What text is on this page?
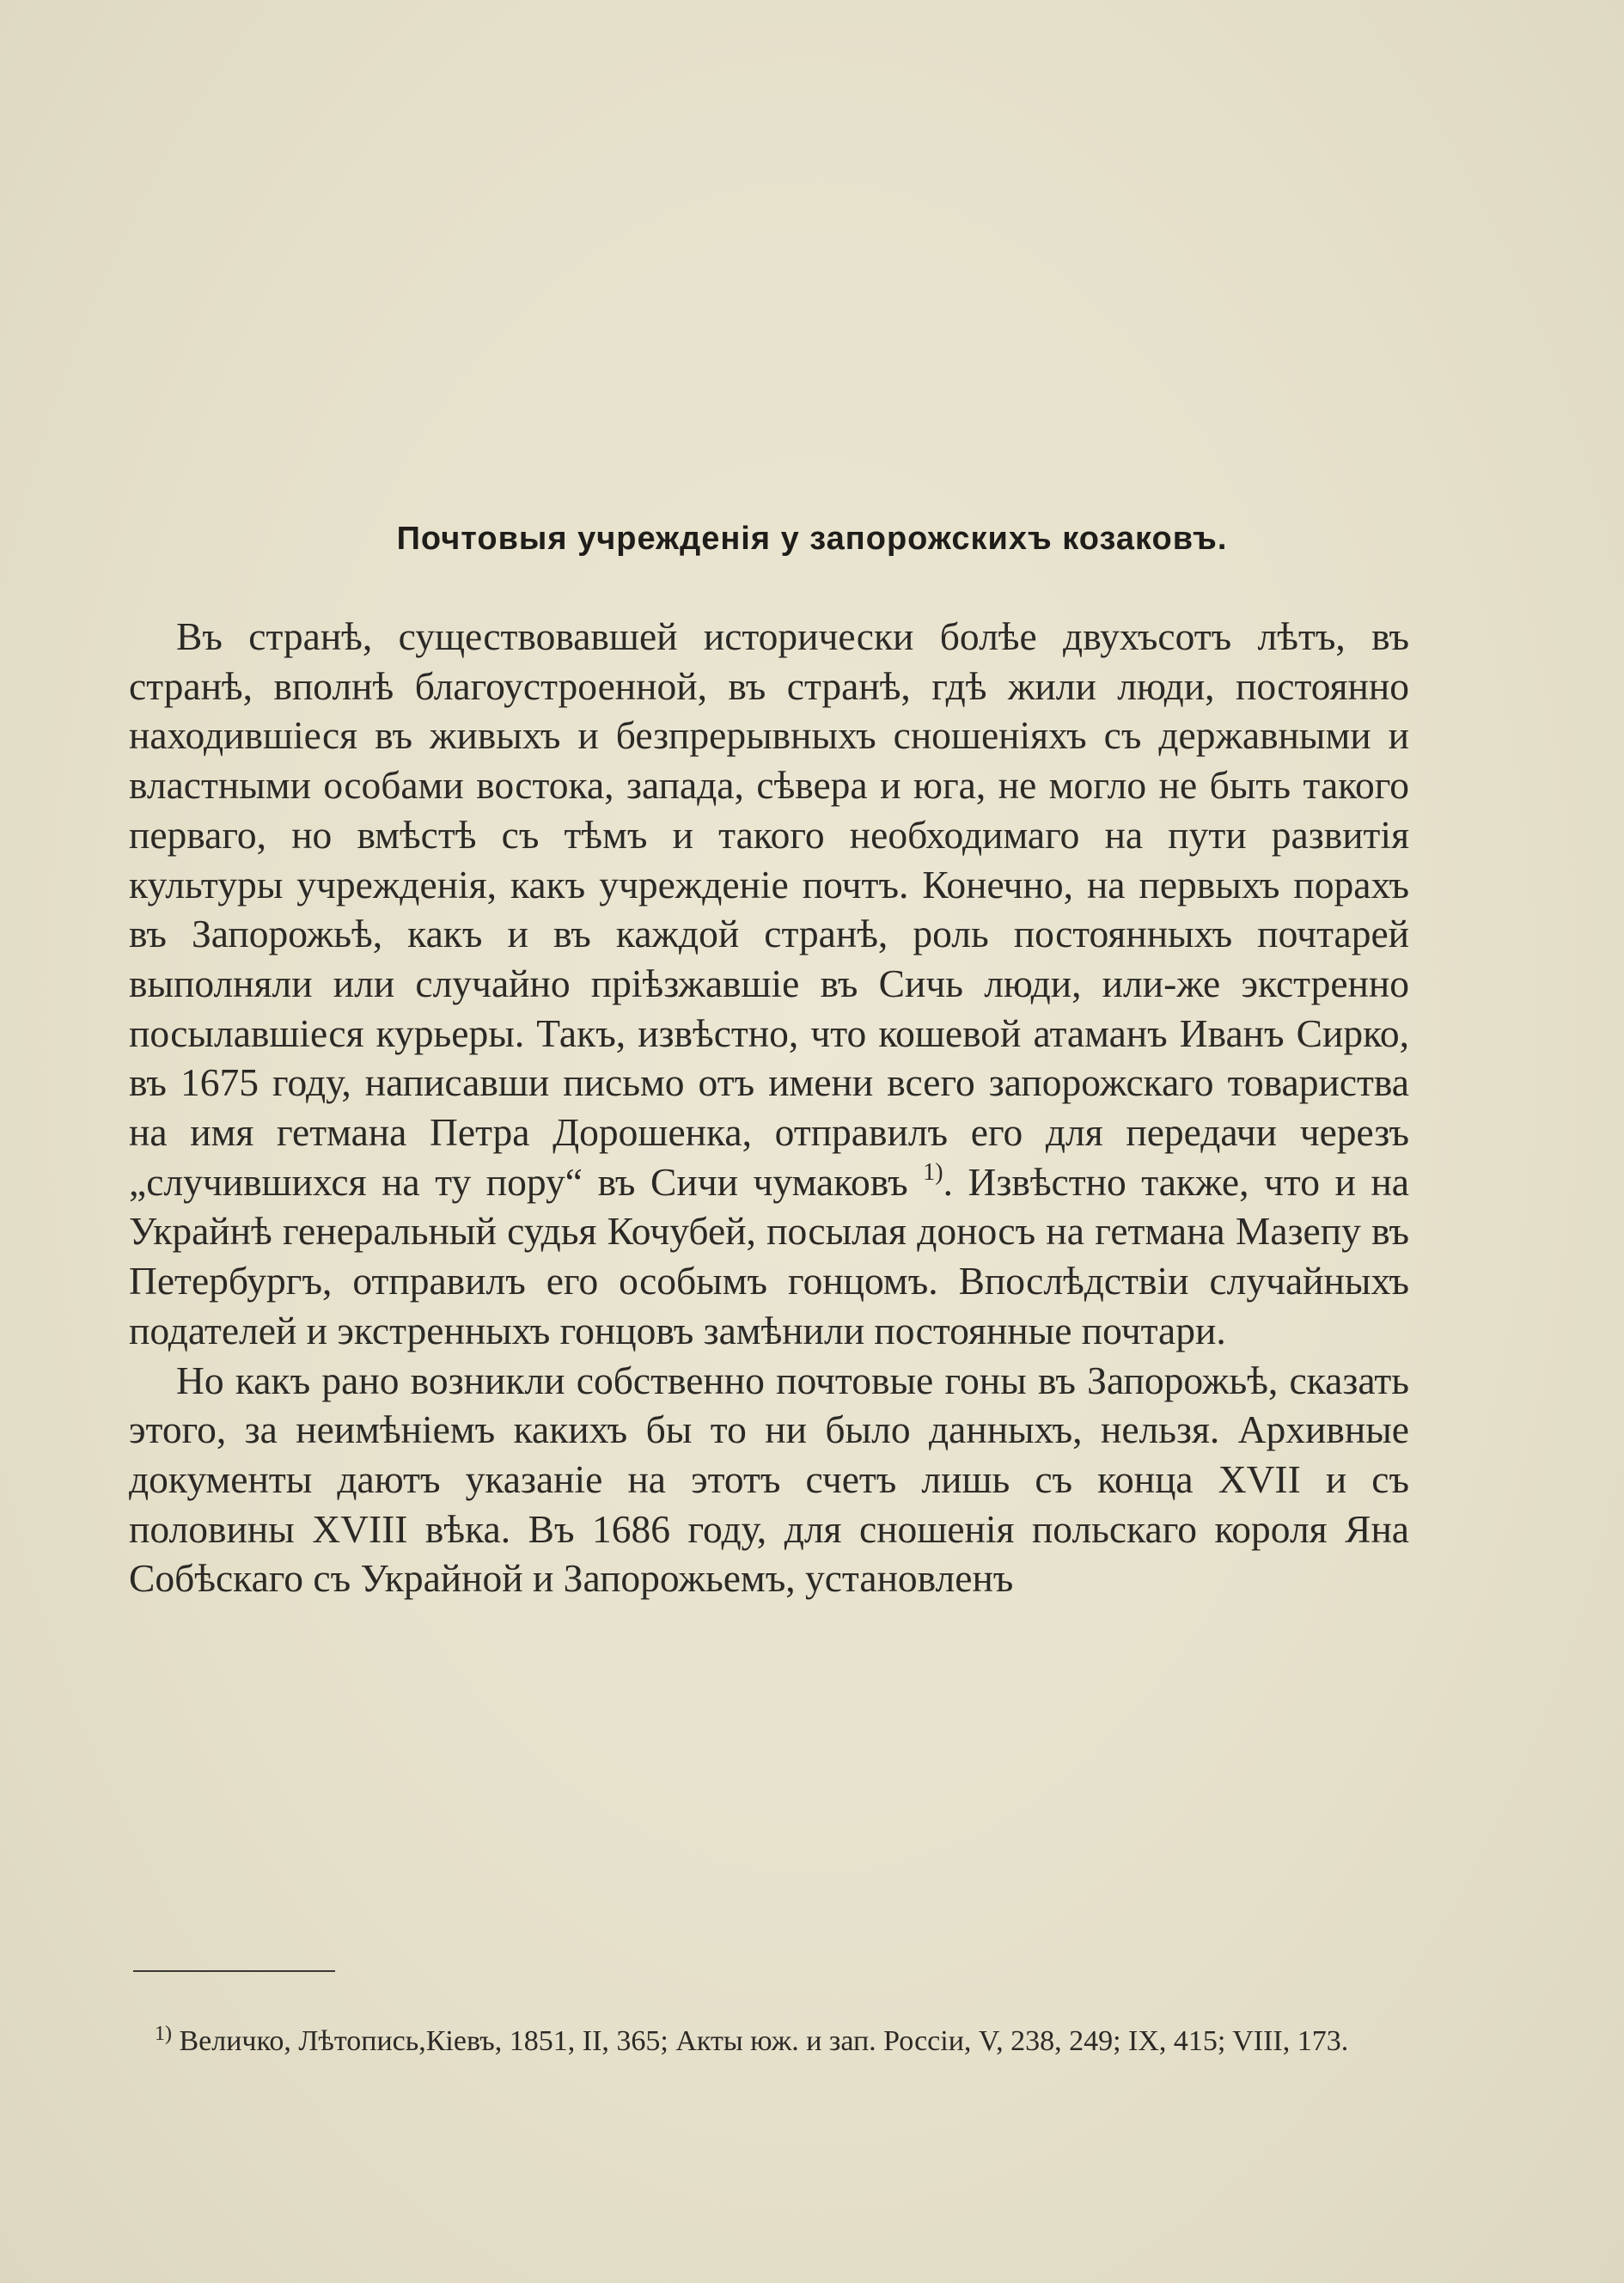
Почтовыя учрежденія у запорожскихъ козаковъ.

Въ странѣ, существовавшей исторически болѣе двухъсотъ лѣтъ, въ странѣ, вполнѣ благоустроенной, въ странѣ, гдѣ жили люди, постоянно находившіеся въ живыхъ и безпрерывныхъ сношеніяхъ съ державными и властными особами востока, запада, сѣвера и юга, не могло не быть такого перваго, но вмѣстѣ съ тѣмъ и такого необходимаго на пути развитія культуры учрежденія, какъ учрежденіе почтъ. Конечно, на первыхъ порахъ въ Запорожьѣ, какъ и въ каждой странѣ, роль постоянныхъ почтарей выполняли или случайно пріѣзжавшіе въ Сичь люди, или-же экстренно посылавшіеся курьеры. Такъ, извѣстно, что кошевой атаманъ Иванъ Сирко, въ 1675 году, написавши письмо отъ имени всего запорожскаго товариства на имя гетмана Петра Дорошенка, отправилъ его для передачи черезъ „случившихся на ту пору“ въ Сичи чумаковъ $^{1)}$. Извѣстно также, что и на Украйнѣ генеральный судья Кочубей, посылая доносъ на гетмана Мазепу въ Петербургъ, отправилъ его особымъ гонцомъ. Впослѣдствіи случайныхъ подателей и экстренныхъ гонцовъ замѣнили постоянные почтари.

Но какъ рано возникли собственно почтовые гоны въ Запорожьѣ, сказать этого, за неимѣніемъ какихъ бы то ни было данныхъ, нельзя. Архивные документы даютъ указаніе на этотъ счетъ лишь съ конца XVII и съ половины XVIII вѣка. Въ 1686 году, для сношенія польскаго короля Яна Собѣскаго съ Украйной и Запорожьемъ, установленъ

$^{1)}$ Величко, Лѣтопись,Кіевъ, 1851, II, 365; Акты юж. и зап. Россіи, V, 238, 249; IX, 415; VIII, 173.
